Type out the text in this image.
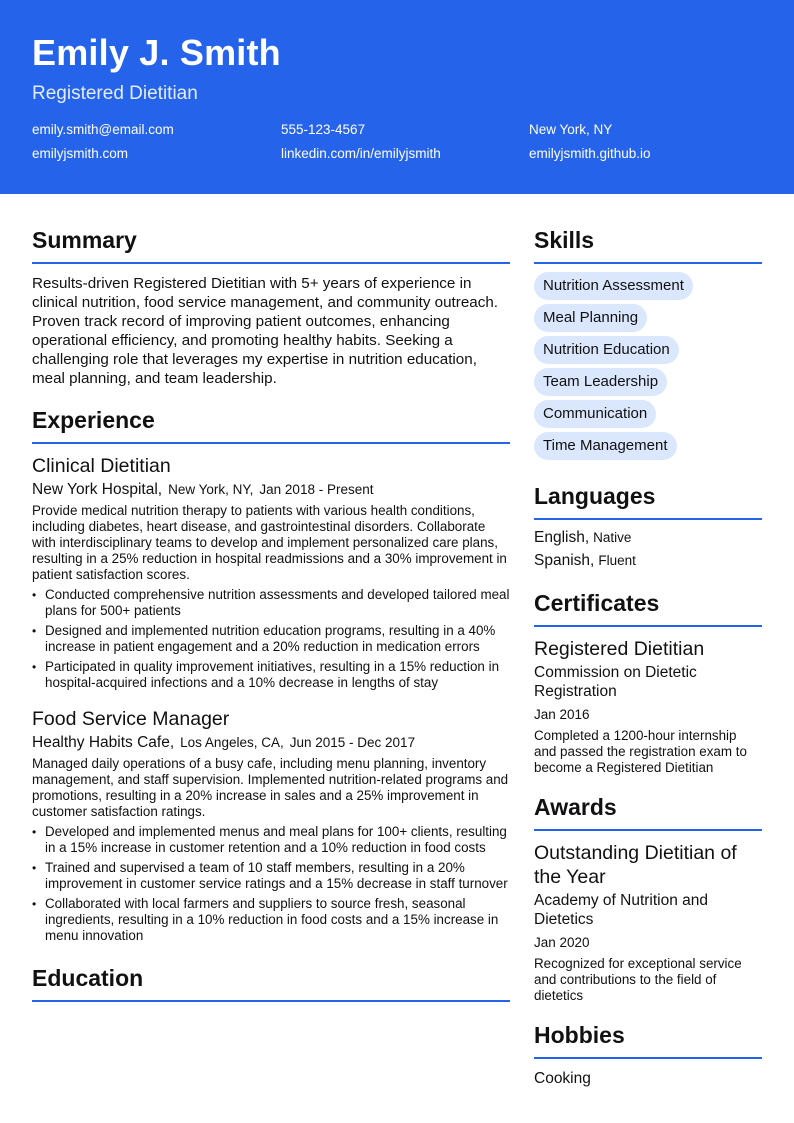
Emily J. Smith
Registered Dietitian
emily.smith@email.com	555-123-4567	New York, NY
emilyjsmith.com	linkedin.com/in/emilyjsmith	emilyjsmith.github.io
Summary

Results-driven Registered Dietitian with 5+ years of experience in clinical nutrition, food service management, and community outreach. Proven track record of improving patient outcomes, enhancing operational efficiency, and promoting healthy habits. Seeking a challenging role that leverages my expertise in nutrition education, meal planning, and team leadership.

Experience
Clinical Dietitian
New York Hospital, New York, NY, Jan 2018 - Present

Provide medical nutrition therapy to patients with various health conditions, including diabetes, heart disease, and gastrointestinal disorders. Collaborate with interdisciplinary teams to develop and implement personalized care plans, resulting in a 25% reduction in hospital readmissions and a 30% improvement in patient satisfaction scores.

• Conducted comprehensive nutrition assessments and developed tailored meal plans for 500+ patients
• Designed and implemented nutrition education programs, resulting in a 40% increase in patient engagement and a 20% reduction in medication errors
• Participated in quality improvement initiatives, resulting in a 15% reduction in hospital-acquired infections and a 10% decrease in lengths of stay
Food Service Manager
Healthy Habits Cafe, Los Angeles, CA, Jun 2015 - Dec 2017

Managed daily operations of a busy cafe, including menu planning, inventory management, and staff supervision. Implemented nutrition-related programs and promotions, resulting in a 20% increase in sales and a 25% improvement in customer satisfaction ratings.

• Developed and implemented menus and meal plans for 100+ clients, resulting in a 15% increase in customer retention and a 10% reduction in food costs
• Trained and supervised a team of 10 staff members, resulting in a 20% improvement in customer service ratings and a 15% decrease in staff turnover
• Collaborated with local farmers and suppliers to source fresh, seasonal ingredients, resulting in a 10% reduction in food costs and a 15% increase in menu innovation
Education
Skills
Nutrition Assessment
Meal Planning
Nutrition Education
Team Leadership
Communication
Time Management
Languages
English, Native
Spanish, Fluent
Certificates
Registered Dietitian
Commission on Dietetic Registration
Jan 2016
Completed a 1200-hour internship and passed the registration exam to become a Registered Dietitian
Awards
Outstanding Dietitian of the Year
Academy of Nutrition and Dietetics
Jan 2020
Recognized for exceptional service and contributions to the field of dietetics
Hobbies
Cooking
